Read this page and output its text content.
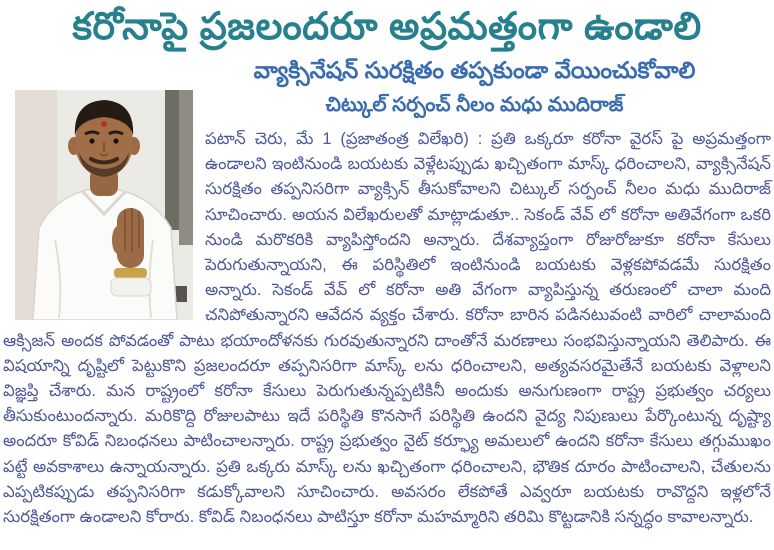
కరోనాపై ప్రజలందరూ అప్రమత్తంగా ఉండాలి
వ్యాక్సినేషన్ సురక్షితం తప్పకుండా వేయించుకోవాలి
చిట్కుల్ సర్పంచ్ నీలం మధు ముదిరాజ్

పటాన్ చెరు, మే 1 (ప్రజాతంత్ర విలేఖరి) : ప్రతి ఒక్కరూ కరోనా వైరస్ పై అప్రమత్తంగా ఉండాలని ఇంటినుండి బయటకు వెళ్లేటప్పుడు ఖచ్చితంగా మాస్క్ ధరించాలని, వ్యాక్సినేషన్ సురక్షితం తప్పనిసరిగా వ్యాక్సిన్ తీసుకోవాలని చిట్కుల్ సర్పంచ్ నీలం మధు ముదిరాజ్ సూచించారు. అయన విలేఖరులతో మాట్లాడుతూ.. సెకండ్ వేవ్ లో కరోనా అతివేగంగా ఒకరి నుండి మరొకరికి వ్యాపిస్తోందని అన్నారు. దేశవ్యాప్తంగా రోజురోజుకూ కరోనా కేసులు పెరుగుతున్నాయని, ఈ పరిస్థితిలో ఇంటినుండి బయటకు వెళ్లకపోవడమే సురక్షితం అన్నారు. సెకండ్ వేవ్ లో కరోనా అతి వేగంగా వ్యాపిస్తున్న తరుణంలో చాలా మంది చనిపోతున్నారని ఆవేదన వ్యక్తం చేశారు. కరోనా బారిన పడినటువంటి వారిలో చాలామంది ఆక్సిజన్ అందక పోవడంతో పాటు భయాందోళనకు గురవుతున్నారని దాంతోనే మరణాలు సంభవిస్తున్నాయని తెలిపారు. ఈ విషయాన్ని దృష్టిలో పెట్టుకొని ప్రజలందరూ తప్పనిసరిగా మాస్క్ లను ధరించాలని, అత్యవసరమైతేనే బయటకు వెళ్లాలని విజ్ఞప్తి చేశారు. మన రాష్ట్రంలో కరోనా కేసులు పెరుగుతున్నప్పటికినీ అందుకు అనుగుణంగా రాష్ట్ర ప్రభుత్వం చర్యలు తీసుకుంటుందన్నారు. మరికొద్ది రోజులపాటు ఇదే పరిస్థితి కొనసాగే పరిస్థితి ఉందని వైద్య నిపుణులు పేర్కొంటున్న దృష్ట్యా అందరూ కోవిడ్ నిబంధనలు పాటించాలన్నారు. రాష్ట్ర ప్రభుత్వం నైట్ కర్ఫ్యూ అమలులో ఉందని కరోనా కేసులు తగ్గుముఖం పట్టే అవకాశాలు ఉన్నాయన్నారు. ప్రతి ఒక్కరు మాస్క్ లను ఖచ్చితంగా ధరించాలని, భౌతిక దూరం పాటించాలని, చేతులను ఎప్పటికప్పుడు తప్పనిసరిగా కడుక్కోవాలని సూచించారు. అవసరం లేకపోతే ఎవ్వరూ బయటకు రావొద్దని ఇళ్లలోనే సురక్షితంగా ఉండాలని కోరారు. కోవిడ్ నిబంధనలు పాటిస్తూ కరోనా మహమ్మారిని తరిమి కొట్టడానికి సన్నద్ధం కావాలన్నారు.
